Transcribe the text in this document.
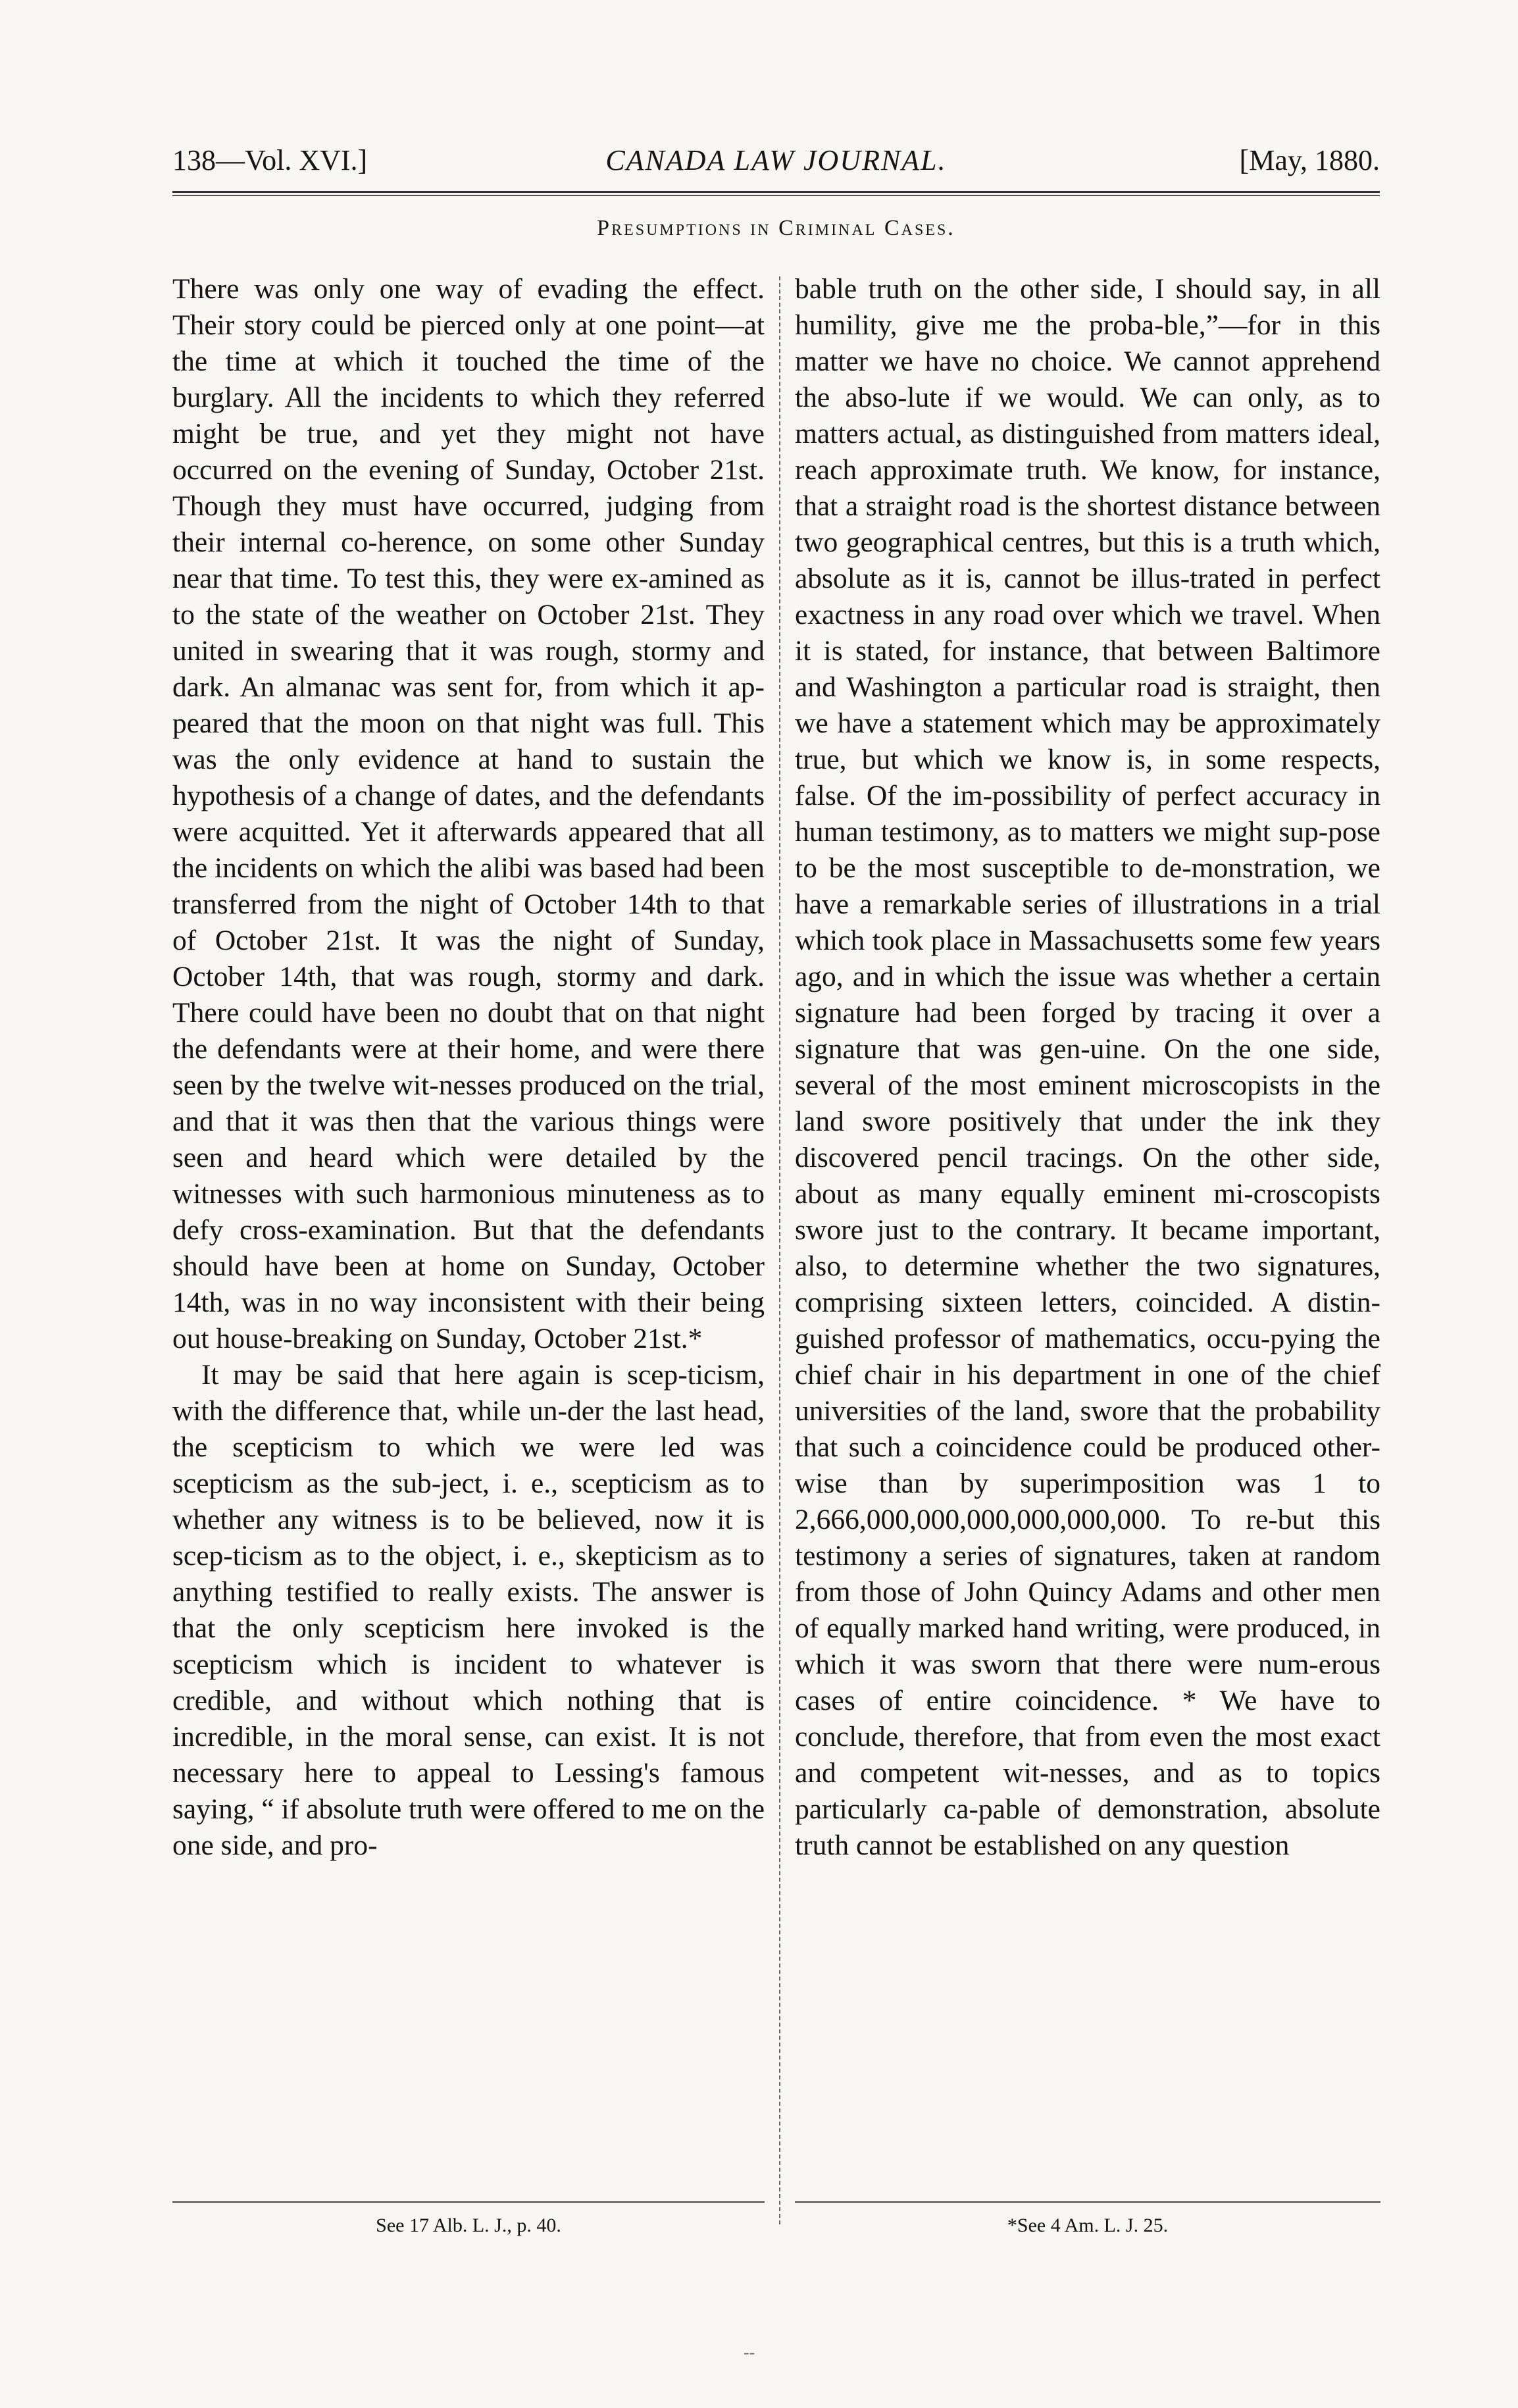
138—Vol. XVI.]	CANADA LAW JOURNAL.	[May, 1880.
Presumptions in Criminal Cases.

There was only one way of evading the effect. Their story could be pierced only at one point—at the time at which it touched the time of the burglary. All the incidents to which they referred might be true, and yet they might not have occurred on the evening of Sunday, October 21st. Though they must have occurred, judging from their internal co-herence, on some other Sunday near that time. To test this, they were ex-amined as to the state of the weather on October 21st. They united in swearing that it was rough, stormy and dark. An almanac was sent for, from which it ap-peared that the moon on that night was full. This was the only evidence at hand to sustain the hypothesis of a change of dates, and the defendants were acquitted. Yet it afterwards appeared that all the incidents on which the alibi was based had been transferred from the night of October 14th to that of October 21st. It was the night of Sunday, October 14th, that was rough, stormy and dark. There could have been no doubt that on that night the defendants were at their home, and were there seen by the twelve wit-nesses produced on the trial, and that it was then that the various things were seen and heard which were detailed by the witnesses with such harmonious minuteness as to defy cross-examination. But that the defendants should have been at home on Sunday, October 14th, was in no way inconsistent with their being out house-breaking on Sunday, October 21st.*

It may be said that here again is scep-ticism, with the difference that, while un-der the last head, the scepticism to which we were led was scepticism as the sub-ject, i. e., scepticism as to whether any witness is to be believed, now it is scep-ticism as to the object, i. e., skepticism as to anything testified to really exists. The answer is that the only scepticism here invoked is the scepticism which is incident to whatever is credible, and without which nothing that is incredible, in the moral sense, can exist. It is not necessary here to appeal to Lessing's famous saying, “ if absolute truth were offered to me on the one side, and pro-

bable truth on the other side, I should say, in all humility, give me the proba-ble,”—for in this matter we have no choice. We cannot apprehend the abso-lute if we would. We can only, as to matters actual, as distinguished from matters ideal, reach approximate truth. We know, for instance, that a straight road is the shortest distance between two geographical centres, but this is a truth which, absolute as it is, cannot be illus-trated in perfect exactness in any road over which we travel. When it is stated, for instance, that between Baltimore and Washington a particular road is straight, then we have a statement which may be approximately true, but which we know is, in some respects, false. Of the im-possibility of perfect accuracy in human testimony, as to matters we might sup-pose to be the most susceptible to de-monstration, we have a remarkable series of illustrations in a trial which took place in Massachusetts some few years ago, and in which the issue was whether a certain signature had been forged by tracing it over a signature that was gen-uine. On the one side, several of the most eminent microscopists in the land swore positively that under the ink they discovered pencil tracings. On the other side, about as many equally eminent mi-croscopists swore just to the contrary. It became important, also, to determine whether the two signatures, comprising sixteen letters, coincided. A distin-guished professor of mathematics, occu-pying the chief chair in his department in one of the chief universities of the land, swore that the probability that such a coincidence could be produced other-wise than by superimposition was 1 to 2,666,000,000,000,000,000,000. To re-but this testimony a series of signatures, taken at random from those of John Quincy Adams and other men of equally marked hand writing, were produced, in which it was sworn that there were num-erous cases of entire coincidence. * We have to conclude, therefore, that from even the most exact and competent wit-nesses, and as to topics particularly ca-pable of demonstration, absolute truth cannot be established on any question

See 17 Alb. L. J., p. 40.	*See 4 Am. L. J. 25.
--
